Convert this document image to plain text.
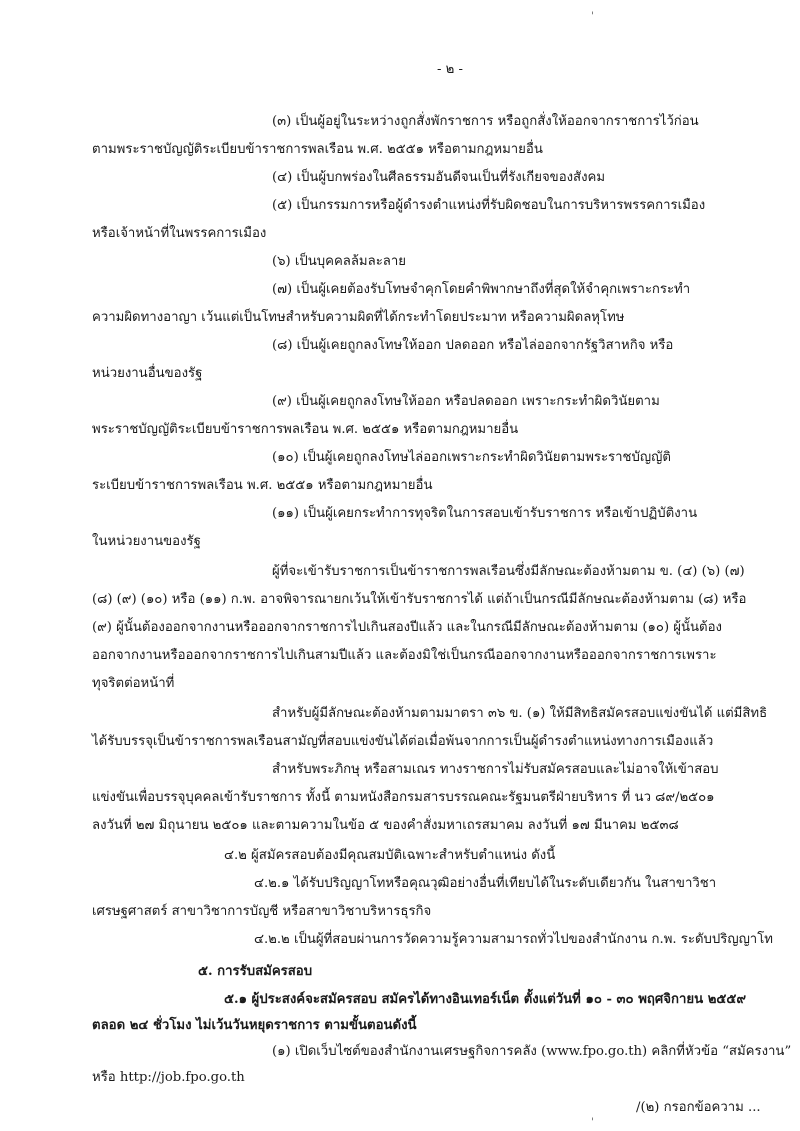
'
- ๒ -
(๓) เป็นผู้อยู่ในระหว่างถูกสั่งพักราชการ หรือถูกสั่งให้ออกจากราชการไว้ก่อน
ตามพระราชบัญญัติระเบียบข้าราชการพลเรือน พ.ศ. ๒๕๕๑ หรือตามกฎหมายอื่น
(๔) เป็นผู้บกพร่องในศีลธรรมอันดีจนเป็นที่รังเกียจของสังคม
(๕) เป็นกรรมการหรือผู้ดำรงตำแหน่งที่รับผิดชอบในการบริหารพรรคการเมือง
หรือเจ้าหน้าที่ในพรรคการเมือง
(๖) เป็นบุคคลล้มละลาย
(๗) เป็นผู้เคยต้องรับโทษจำคุกโดยคำพิพากษาถึงที่สุดให้จำคุกเพราะกระทำ
ความผิดทางอาญา เว้นแต่เป็นโทษสำหรับความผิดที่ได้กระทำโดยประมาท หรือความผิดลหุโทษ
(๘) เป็นผู้เคยถูกลงโทษให้ออก ปลดออก หรือไล่ออกจากรัฐวิสาหกิจ หรือ
หน่วยงานอื่นของรัฐ
(๙) เป็นผู้เคยถูกลงโทษให้ออก หรือปลดออก เพราะกระทำผิดวินัยตาม
พระราชบัญญัติระเบียบข้าราชการพลเรือน พ.ศ. ๒๕๕๑ หรือตามกฎหมายอื่น
(๑๐) เป็นผู้เคยถูกลงโทษไล่ออกเพราะกระทำผิดวินัยตามพระราชบัญญัติ
ระเบียบข้าราชการพลเรือน พ.ศ. ๒๕๕๑ หรือตามกฎหมายอื่น
(๑๑) เป็นผู้เคยกระทำการทุจริตในการสอบเข้ารับราชการ หรือเข้าปฏิบัติงาน
ในหน่วยงานของรัฐ
ผู้ที่จะเข้ารับราชการเป็นข้าราชการพลเรือนซึ่งมีลักษณะต้องห้ามตาม ข. (๔) (๖) (๗)
(๘) (๙) (๑๐) หรือ (๑๑) ก.พ. อาจพิจารณายกเว้นให้เข้ารับราชการได้ แต่ถ้าเป็นกรณีมีลักษณะต้องห้ามตาม (๘) หรือ
(๙) ผู้นั้นต้องออกจากงานหรือออกจากราชการไปเกินสองปีแล้ว และในกรณีมีลักษณะต้องห้ามตาม (๑๐) ผู้นั้นต้อง
ออกจากงานหรือออกจากราชการไปเกินสามปีแล้ว และต้องมิใช่เป็นกรณีออกจากงานหรือออกจากราชการเพราะ
ทุจริตต่อหน้าที่
สำหรับผู้มีลักษณะต้องห้ามตามมาตรา ๓๖ ข. (๑) ให้มีสิทธิสมัครสอบแข่งขันได้ แต่มีสิทธิ
ได้รับบรรจุเป็นข้าราชการพลเรือนสามัญที่สอบแข่งขันได้ต่อเมื่อพ้นจากการเป็นผู้ดำรงตำแหน่งทางการเมืองแล้ว
สำหรับพระภิกษุ หรือสามเณร ทางราชการไม่รับสมัครสอบและไม่อาจให้เข้าสอบ
แข่งขันเพื่อบรรจุบุคคลเข้ารับราชการ ทั้งนี้ ตามหนังสือกรมสารบรรณคณะรัฐมนตรีฝ่ายบริหาร ที่ นว ๘๙/๒๕๐๑
ลงวันที่ ๒๗ มิถุนายน ๒๕๐๑ และตามความในข้อ ๕ ของคำสั่งมหาเถรสมาคม ลงวันที่ ๑๗ มีนาคม ๒๕๓๘
๔.๒ ผู้สมัครสอบต้องมีคุณสมบัติเฉพาะสำหรับตำแหน่ง ดังนี้
๔.๒.๑ ได้รับปริญญาโทหรือคุณวุฒิอย่างอื่นที่เทียบได้ในระดับเดียวกัน ในสาขาวิชา
เศรษฐศาสตร์ สาขาวิชาการบัญชี หรือสาขาวิชาบริหารธุรกิจ
๔.๒.๒ เป็นผู้ที่สอบผ่านการวัดความรู้ความสามารถทั่วไปของสำนักงาน ก.พ. ระดับปริญญาโท
๕. การรับสมัครสอบ
๕.๑ ผู้ประสงค์จะสมัครสอบ สมัครได้ทางอินเทอร์เน็ต ตั้งแต่วันที่ ๑๐ - ๓๐ พฤศจิกายน ๒๕๕๙
ตลอด ๒๔ ชั่วโมง ไม่เว้นวันหยุดราชการ ตามขั้นตอนดังนี้
(๑) เปิดเว็บไซต์ของสำนักงานเศรษฐกิจการคลัง (www.fpo.go.th) คลิกที่หัวข้อ “สมัครงาน”
หรือ http://job.fpo.go.th
/(๒) กรอกข้อความ ...
'
